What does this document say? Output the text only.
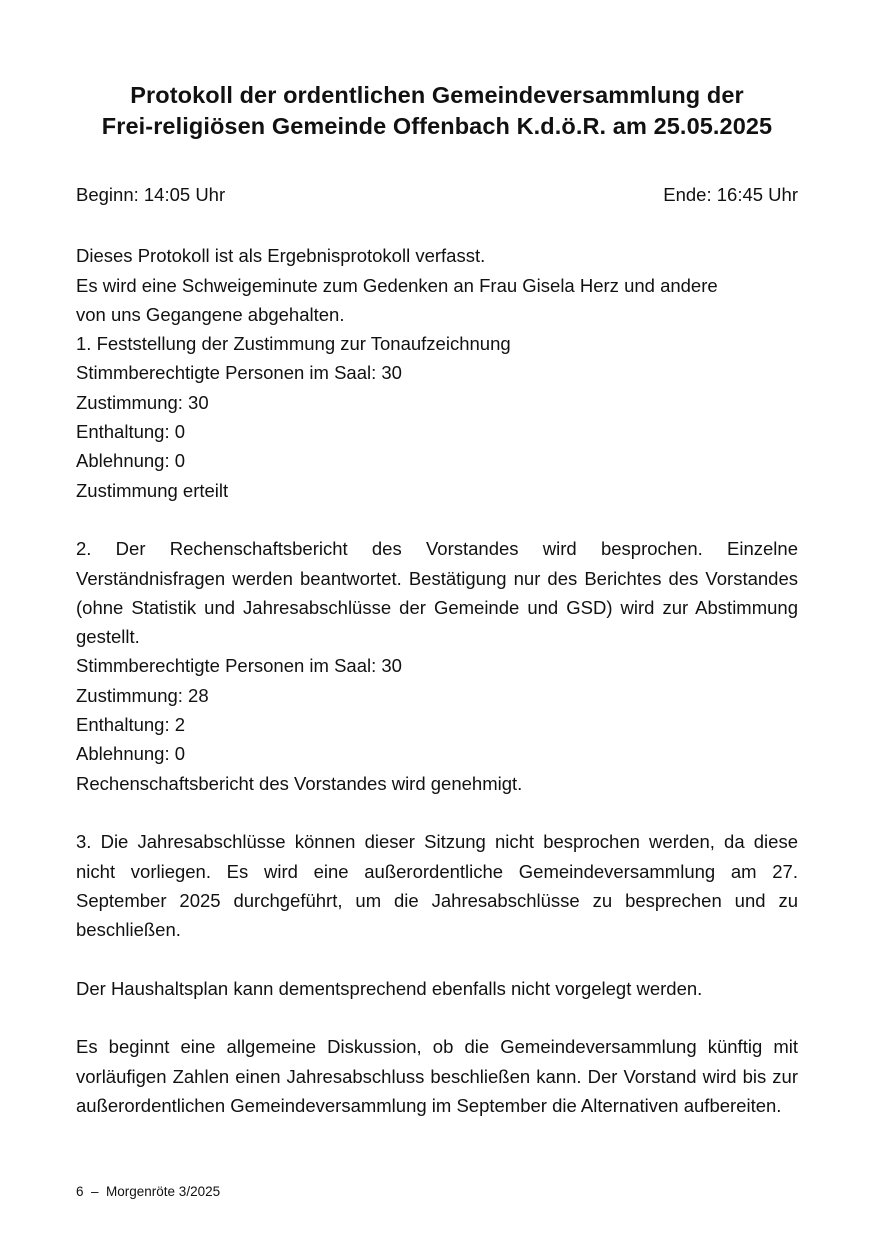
Protokoll der ordentlichen Gemeindeversammlung der
Frei-religiösen Gemeinde Offenbach K.d.ö.R. am 25.05.2025
Beginn: 14:05 Uhr	Ende: 16:45 Uhr
Dieses Protokoll ist als Ergebnisprotokoll verfasst.
Es wird eine Schweigeminute zum Gedenken an Frau Gisela Herz und andere
von uns Gegangene abgehalten.
1. Feststellung der Zustimmung zur Tonaufzeichnung
Stimmberechtigte Personen im Saal: 30
Zustimmung: 30
Enthaltung: 0
Ablehnung: 0
Zustimmung erteilt
2. Der Rechenschaftsbericht des Vorstandes wird besprochen. Einzelne Verständnisfragen werden beantwortet. Bestätigung nur des Berichtes des Vorstandes (ohne Statistik und Jahresabschlüsse der Gemeinde und GSD) wird zur Abstimmung gestellt.
Stimmberechtigte Personen im Saal: 30
Zustimmung: 28
Enthaltung: 2
Ablehnung: 0
Rechenschaftsbericht des Vorstandes wird genehmigt.
3. Die Jahresabschlüsse können dieser Sitzung nicht besprochen werden, da diese nicht vorliegen. Es wird eine außerordentliche Gemeindeversammlung am 27. September 2025 durchgeführt, um die Jahresabschlüsse zu besprechen und zu beschließen.
Der Haushaltsplan kann dementsprechend ebenfalls nicht vorgelegt werden.
Es beginnt eine allgemeine Diskussion, ob die Gemeindeversammlung künftig mit vorläufigen Zahlen einen Jahresabschluss beschließen kann. Der Vorstand wird bis zur außerordentlichen Gemeindeversammlung im September die Alternativen aufbereiten.
6  –  Morgenröte 3/2025
